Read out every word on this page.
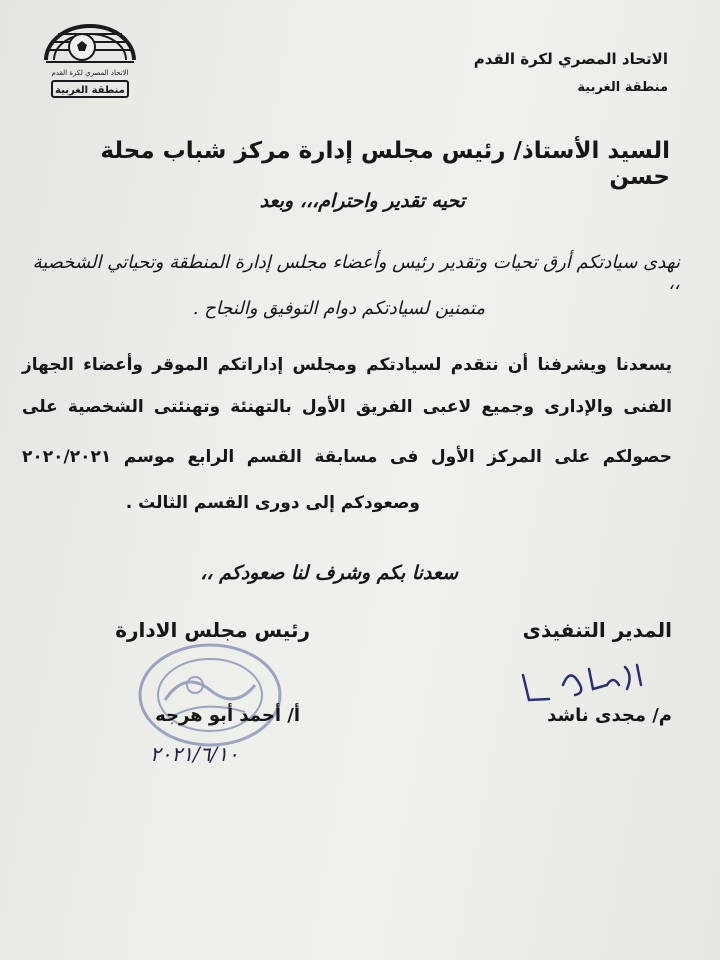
الاتحاد المصري لكرة القدم
منطقة الغربية
الاتحاد المصري لكرة القدم
منطقة الغربية
السيد الأستاذ/ رئيس مجلس إدارة مركز شباب محلة حسن
تحيه تقدير واحترام،،، وبعد
نهدى سيادتكم أرق تحيات وتقدير رئيس وأعضاء مجلس إدارة المنطقة وتحياتي الشخصية ،،
متمنين لسيادتكم دوام التوفيق والنجاح .
يسعدنا ويشرفنا أن نتقدم لسيادتكم ومجلس إداراتكم الموقر وأعضاء الجهاز
الفنى والإدارى وجميع لاعبى الفريق الأول بالتهنئة وتهنئتى الشخصية على
حصولكم على المركز الأول فى مسابقة القسم الرابع موسم ٢٠٢٠/٢٠٢١
وصعودكم إلى دورى القسم الثالث .
سعدنا بكم وشرف لنا صعودكم ،،
رئيس مجلس الادارة	المدير التنفيذى
أ/ أحمد أبو هرجه	م/ مجدى ناشد
٢٠٢١/٦/١٠
